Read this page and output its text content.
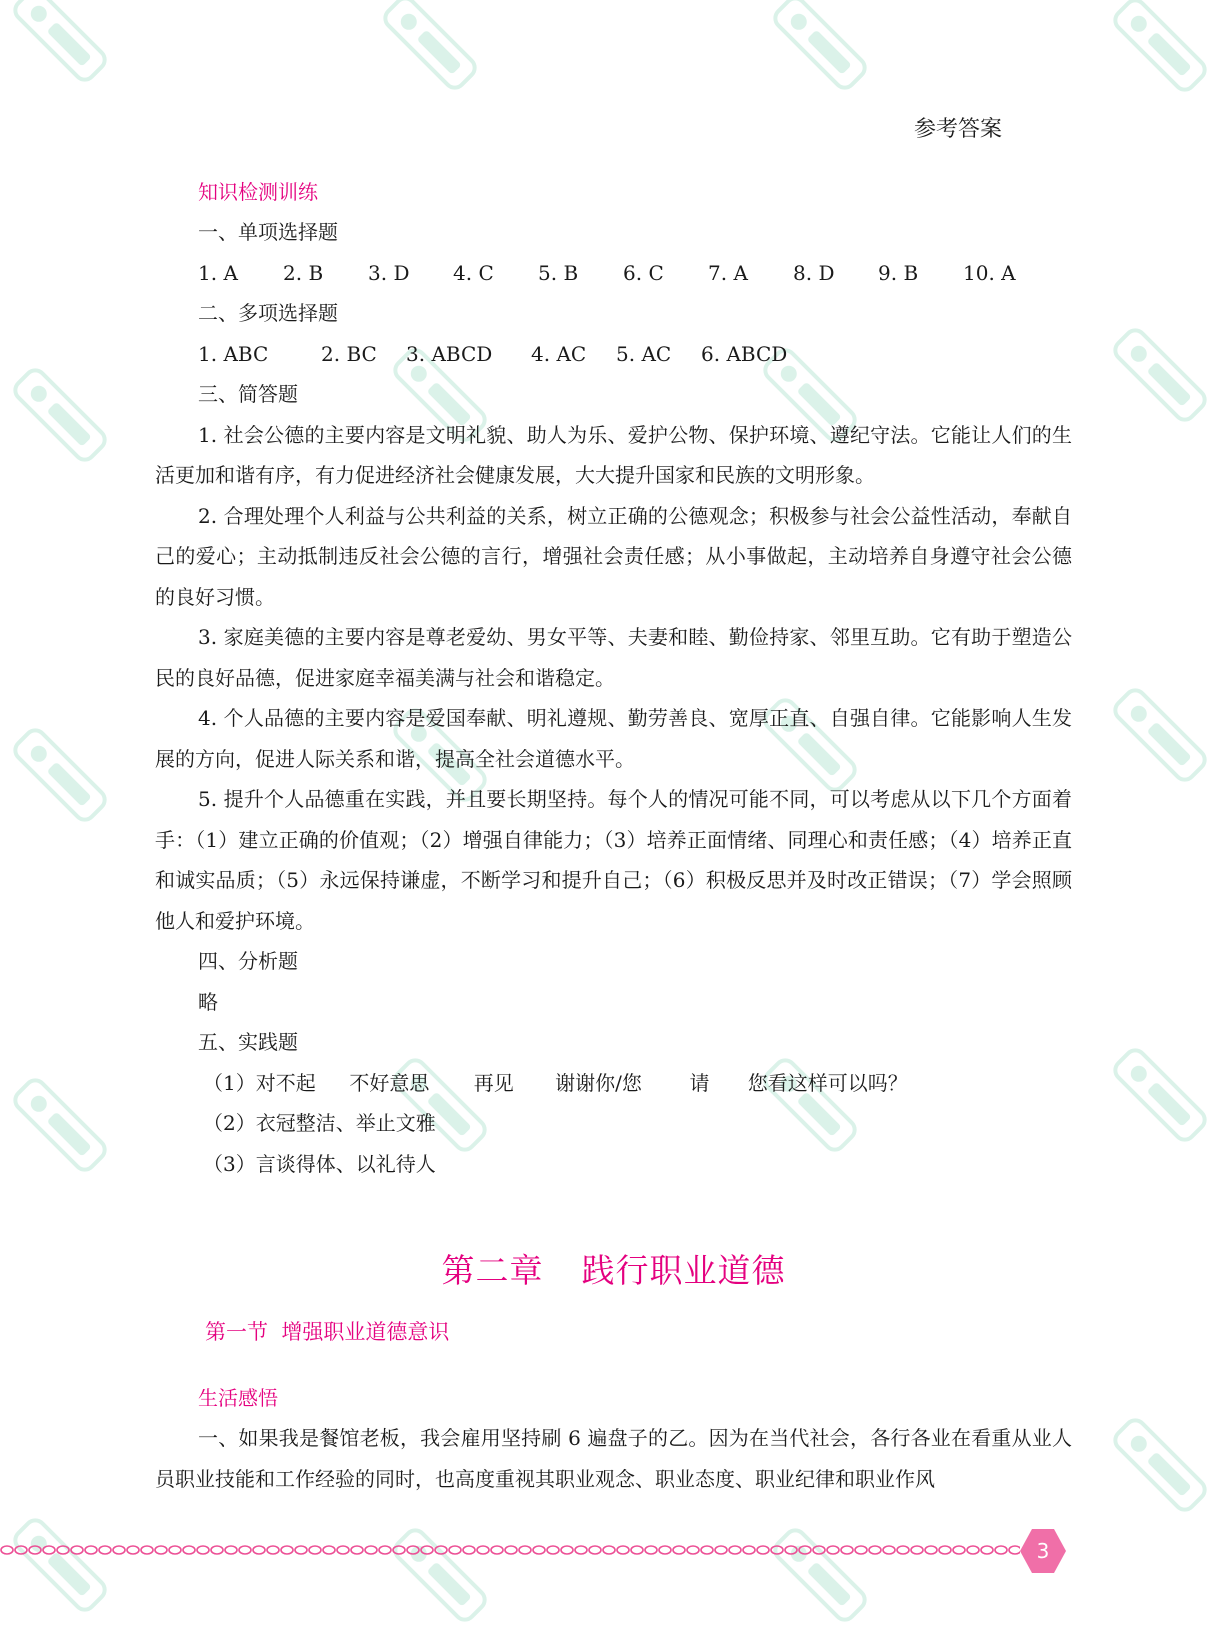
参考答案
知识检测训练
一、单项选择题
1. A	2. B	3. D	4. C	5. B	6. C	7. A	8. D	9. B	10. A
二、多项选择题
1. ABC	2. BC	3. ABCD	4. AC	5. AC	6. ABCD
三、简答题
1. 社会公德的主要内容是文明礼貌、助人为乐、爱护公物、保护环境、遵纪守法。它能让人们的生活更加和谐有序，有力促进经济社会健康发展，大大提升国家和民族的文明形象。
2. 合理处理个人利益与公共利益的关系，树立正确的公德观念；积极参与社会公益性活动，奉献自己的爱心；主动抵制违反社会公德的言行，增强社会责任感；从小事做起，主动培养自身遵守社会公德的良好习惯。
3. 家庭美德的主要内容是尊老爱幼、男女平等、夫妻和睦、勤俭持家、邻里互助。它有助于塑造公民的良好品德，促进家庭幸福美满与社会和谐稳定。
4. 个人品德的主要内容是爱国奉献、明礼遵规、勤劳善良、宽厚正直、自强自律。它能影响人生发展的方向，促进人际关系和谐，提高全社会道德水平。
5. 提升个人品德重在实践，并且要长期坚持。每个人的情况可能不同，可以考虑从以下几个方面着手：（1）建立正确的价值观；（2）增强自律能力；（3）培养正面情绪、同理心和责任感；（4）培养正直和诚实品质；（5）永远保持谦虚，不断学习和提升自己；（6）积极反思并及时改正错误；（7）学会照顾他人和爱护环境。
四、分析题
略
五、实践题
（1）对不起 不好意思 再见 谢谢你/您 请 您看这样可以吗？
（2）衣冠整洁、举止文雅
（3）言谈得体、以礼待人
第二章 践行职业道德
第一节 增强职业道德意识
生活感悟
一、如果我是餐馆老板，我会雇用坚持刷 6 遍盘子的乙。因为在当代社会，各行各业在看重从业人员职业技能和工作经验的同时，也高度重视其职业观念、职业态度、职业纪律和职业作风
3
